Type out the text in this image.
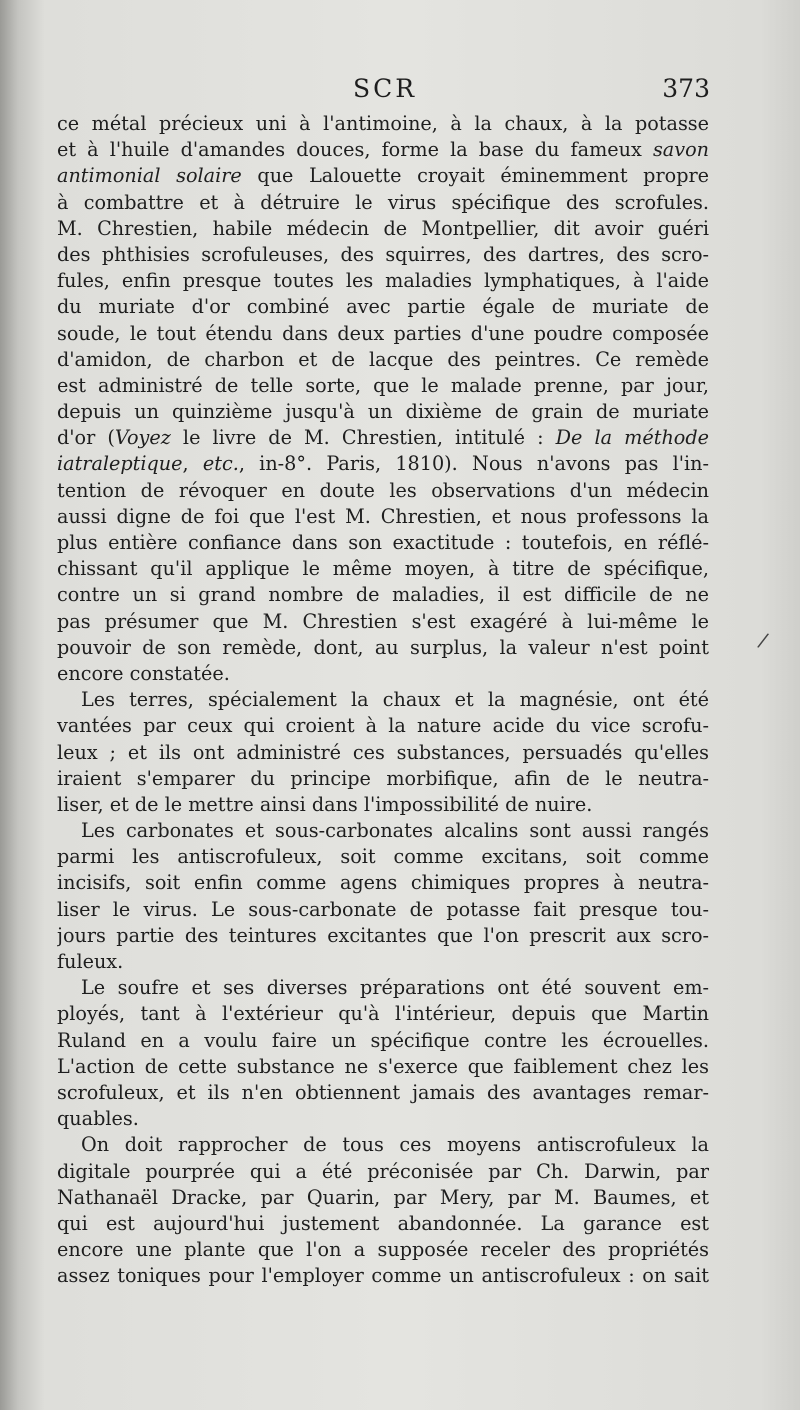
SCR	373
ce métal précieux uni à l'antimoine, à la chaux, à la potasse
et à l'huile d'amandes douces, forme la base du fameux savon
antimonial solaire que Lalouette croyait éminemment propre
à combattre et à détruire le virus spécifique des scrofules.
M. Chrestien, habile médecin de Montpellier, dit avoir guéri
des phthisies scrofuleuses, des squirres, des dartres, des scro-
fules, enfin presque toutes les maladies lymphatiques, à l'aide
du muriate d'or combiné avec partie égale de muriate de
soude, le tout étendu dans deux parties d'une poudre composée
d'amidon, de charbon et de lacque des peintres. Ce remède
est administré de telle sorte, que le malade prenne, par jour,
depuis un quinzième jusqu'à un dixième de grain de muriate
d'or (Voyez le livre de M. Chrestien, intitulé : De la méthode
iatraleptique, etc., in-8°. Paris, 1810). Nous n'avons pas l'in-
tention de révoquer en doute les observations d'un médecin
aussi digne de foi que l'est M. Chrestien, et nous professons la
plus entière confiance dans son exactitude : toutefois, en réflé-
chissant qu'il applique le même moyen, à titre de spécifique,
contre un si grand nombre de maladies, il est difficile de ne
pas présumer que M. Chrestien s'est exagéré à lui-même le
pouvoir de son remède, dont, au surplus, la valeur n'est point
encore constatée.
Les terres, spécialement la chaux et la magnésie, ont été
vantées par ceux qui croient à la nature acide du vice scrofu-
leux ; et ils ont administré ces substances, persuadés qu'elles
iraient s'emparer du principe morbifique, afin de le neutra-
liser, et de le mettre ainsi dans l'impossibilité de nuire.
Les carbonates et sous-carbonates alcalins sont aussi rangés
parmi les antiscrofuleux, soit comme excitans, soit comme
incisifs, soit enfin comme agens chimiques propres à neutra-
liser le virus. Le sous-carbonate de potasse fait presque tou-
jours partie des teintures excitantes que l'on prescrit aux scro-
fuleux.
Le soufre et ses diverses préparations ont été souvent em-
ployés, tant à l'extérieur qu'à l'intérieur, depuis que Martin
Ruland en a voulu faire un spécifique contre les écrouelles.
L'action de cette substance ne s'exerce que faiblement chez les
scrofuleux, et ils n'en obtiennent jamais des avantages remar-
quables.
On doit rapprocher de tous ces moyens antiscrofuleux la
digitale pourprée qui a été préconisée par Ch. Darwin, par
Nathanaël Dracke, par Quarin, par Mery, par M. Baumes, et
qui est aujourd'hui justement abandonnée. La garance est
encore une plante que l'on a supposée receler des propriétés
assez toniques pour l'employer comme un antiscrofuleux : on sait
/
